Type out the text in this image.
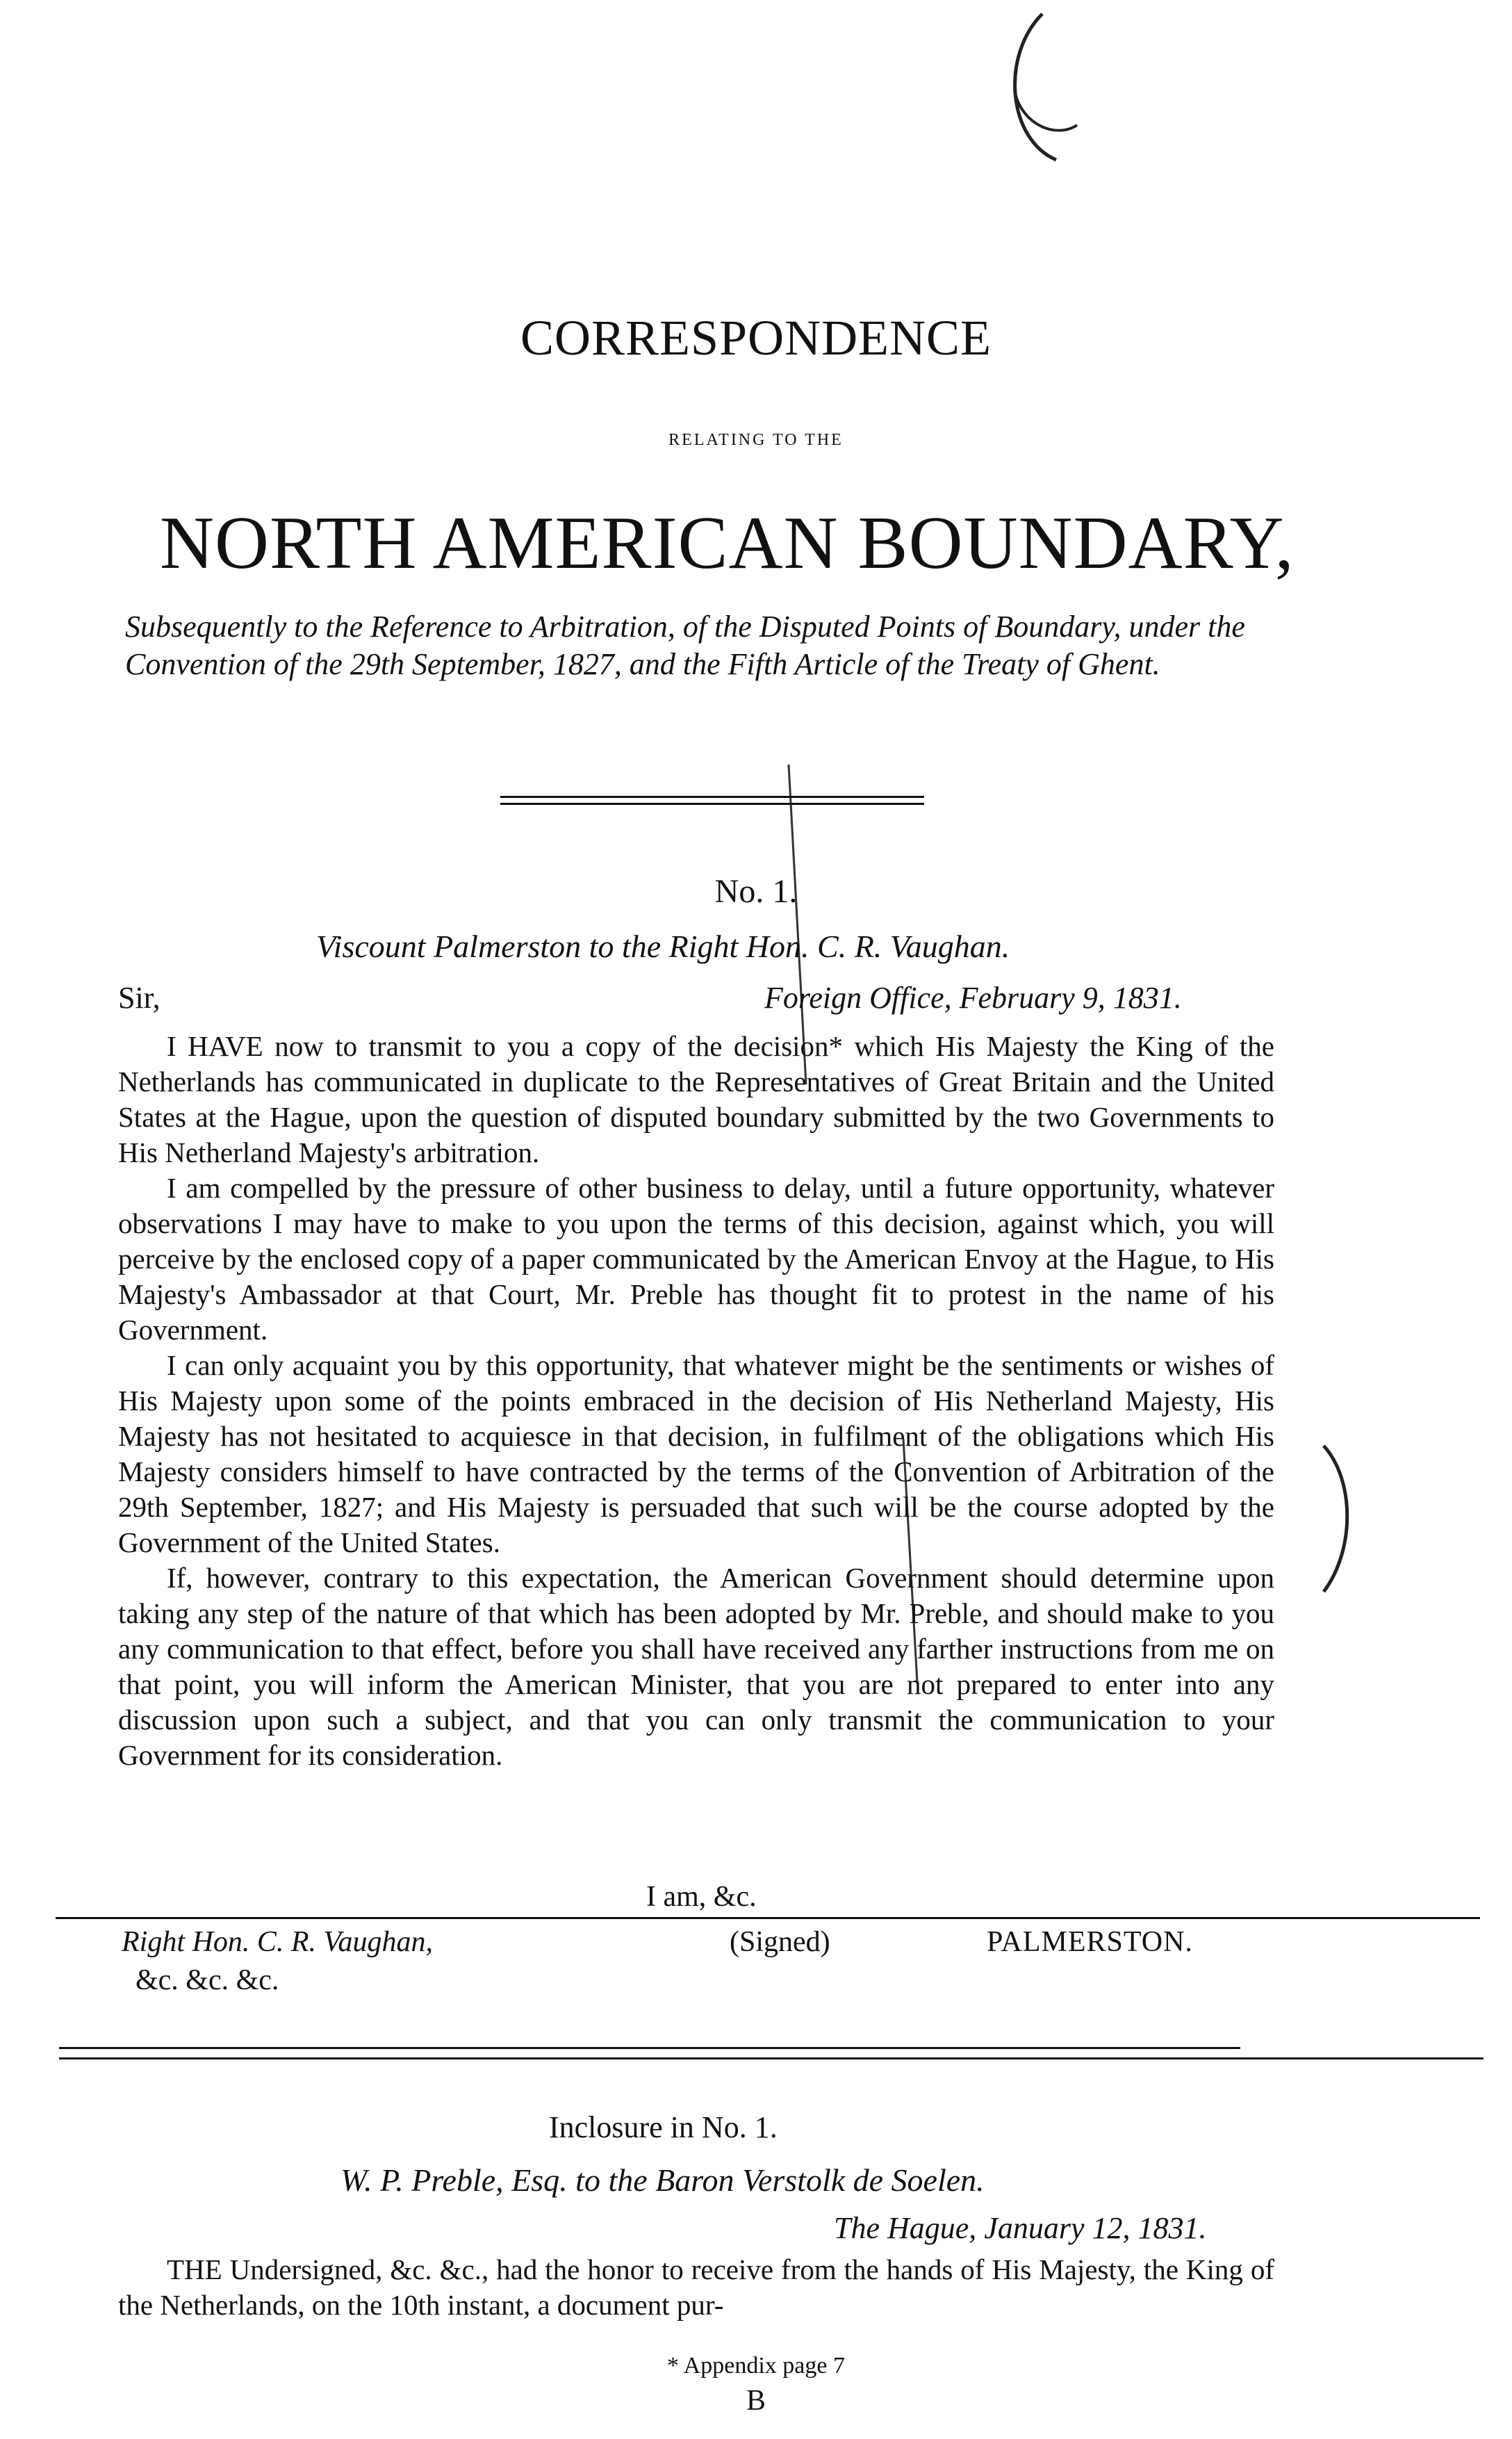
CORRESPONDENCE
RELATING TO THE
NORTH AMERICAN BOUNDARY,
Subsequently to the Reference to Arbitration, of the Disputed Points of Boundary, under the Convention of the 29th September, 1827, and the Fifth Article of the Treaty of Ghent.
No. 1.
Viscount Palmerston to the Right Hon. C. R. Vaughan.
Sir,	Foreign Office, February 9, 1831.

I HAVE now to transmit to you a copy of the decision* which His Majesty the King of the Netherlands has communicated in duplicate to the Representatives of Great Britain and the United States at the Hague, upon the question of disputed boundary submitted by the two Governments to His Netherland Majesty's arbitration.

I am compelled by the pressure of other business to delay, until a future opportunity, whatever observations I may have to make to you upon the terms of this decision, against which, you will perceive by the enclosed copy of a paper communicated by the American Envoy at the Hague, to His Majesty's Ambassador at that Court, Mr. Preble has thought fit to protest in the name of his Government.

I can only acquaint you by this opportunity, that whatever might be the sentiments or wishes of His Majesty upon some of the points embraced in the decision of His Netherland Majesty, His Majesty has not hesitated to acquiesce in that decision, in fulfilment of the obligations which His Majesty considers himself to have contracted by the terms of the Convention of Arbitration of the 29th September, 1827; and His Majesty is persuaded that such will be the course adopted by the Government of the United States.

If, however, contrary to this expectation, the American Government should determine upon taking any step of the nature of that which has been adopted by Mr. Preble, and should make to you any communication to that effect, before you shall have received any farther instructions from me on that point, you will inform the American Minister, that you are not prepared to enter into any discussion upon such a subject, and that you can only transmit the communication to your Government for its consideration.

I am, &c.
Right Hon. C. R. Vaughan,
&c. &c. &c.
(Signed)	PALMERSTON.
Inclosure in No. 1.
W. P. Preble, Esq. to the Baron Verstolk de Soelen.
The Hague, January 12, 1831.

THE Undersigned, &c. &c., had the honor to receive from the hands of His Majesty, the King of the Netherlands, on the 10th instant, a document pur-

* Appendix page 7
B
